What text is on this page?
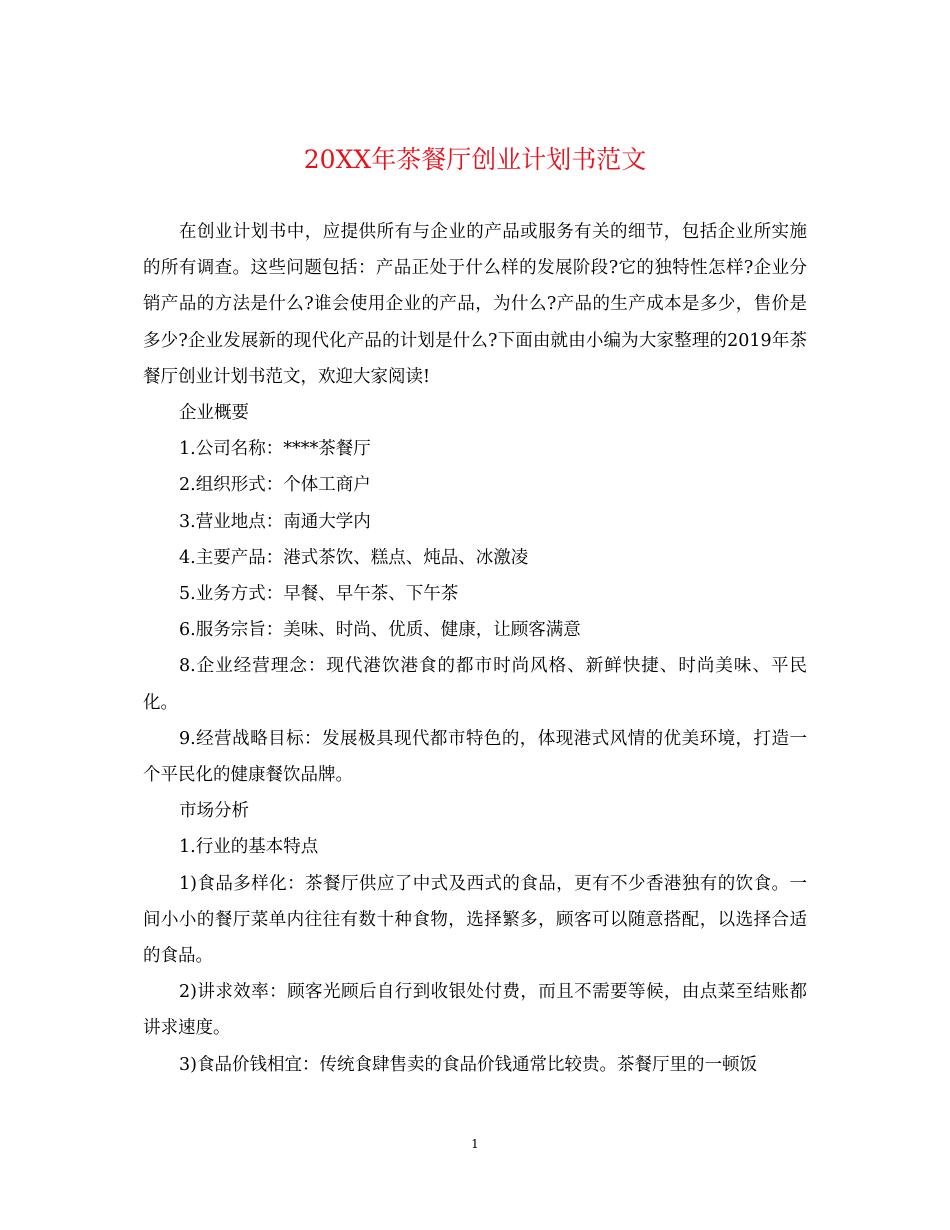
20XX年茶餐厅创业计划书范文

在创业计划书中，应提供所有与企业的产品或服务有关的细节，包括企业所实施的所有调查。这些问题包括：产品正处于什么样的发展阶段?它的独特性怎样?企业分销产品的方法是什么?谁会使用企业的产品，为什么?产品的生产成本是多少，售价是多少?企业发展新的现代化产品的计划是什么?下面由就由小编为大家整理的2019年茶餐厅创业计划书范文，欢迎大家阅读!

企业概要

1.公司名称：****茶餐厅

2.组织形式：个体工商户

3.营业地点：南通大学内

4.主要产品：港式茶饮、糕点、炖品、冰激凌

5.业务方式：早餐、早午茶、下午茶

6.服务宗旨：美味、时尚、优质、健康，让顾客满意

8.企业经营理念：现代港饮港食的都市时尚风格、新鲜快捷、时尚美味、平民化。

9.经营战略目标：发展极具现代都市特色的，体现港式风情的优美环境，打造一个平民化的健康餐饮品牌。

市场分析

1.行业的基本特点

1)食品多样化：茶餐厅供应了中式及西式的食品，更有不少香港独有的饮食。一间小小的餐厅菜单内往往有数十种食物，选择繁多，顾客可以随意搭配，以选择合适的食品。

2)讲求效率：顾客光顾后自行到收银处付费，而且不需要等候，由点菜至结账都讲求速度。

3)食品价钱相宜：传统食肆售卖的食品价钱通常比较贵。茶餐厅里的一顿饭

1
